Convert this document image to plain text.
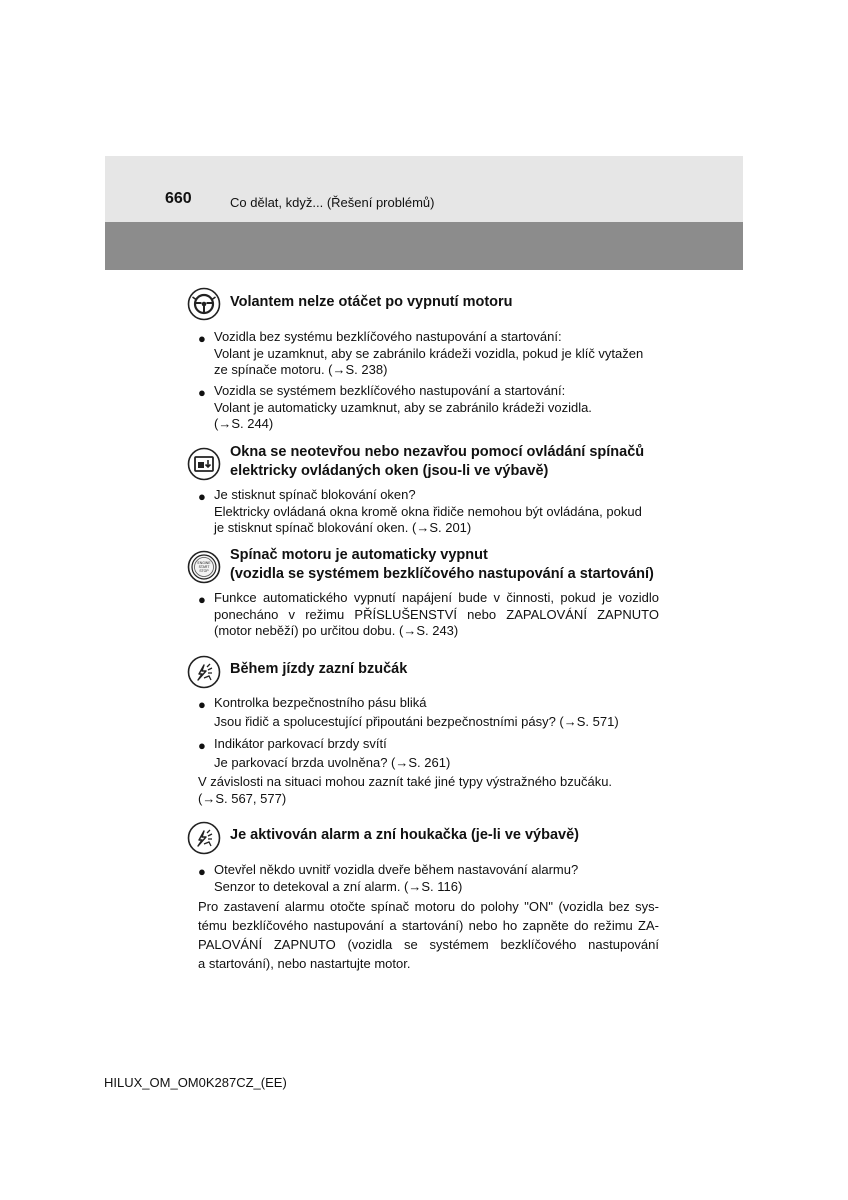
660	Co dělat, když... (Řešení problémů)
Volantem nelze otáčet po vypnutí motoru
● Vozidla bez systému bezklíčového nastupování a startování:
Volant je uzamknut, aby se zabránilo krádeži vozidla, pokud je klíč vytažen
ze spínače motoru. (→S. 238)
● Vozidla se systémem bezklíčového nastupování a startování:
Volant je automaticky uzamknut, aby se zabránilo krádeži vozidla.
(→S. 244)
Okna se neotevřou nebo nezavřou pomocí ovládání spínačů
elektricky ovládaných oken (jsou-li ve výbavě)
● Je stisknut spínač blokování oken?
Elektricky ovládaná okna kromě okna řidiče nemohou být ovládána, pokud
je stisknut spínač blokování oken. (→S. 201)
ENGINE
START
STOP
Spínač motoru je automaticky vypnut
(vozidla se systémem bezklíčového nastupování a startování)
● Funkce automatického vypnutí napájení bude v činnosti, pokud je vozidlo
ponecháno v režimu PŘÍSLUŠENSTVÍ nebo ZAPALOVÁNÍ ZAPNUTO
(motor neběží) po určitou dobu. (→S. 243)
Během jízdy zazní bzučák
● Kontrolka bezpečnostního pásu bliká
Jsou řidič a spolucestující připoutáni bezpečnostními pásy? (→S. 571)
● Indikátor parkovací brzdy svítí
Je parkovací brzda uvolněna? (→S. 261)
V závislosti na situaci mohou zaznít také jiné typy výstražného bzučáku.
(→S. 567, 577)
Je aktivován alarm a zní houkačka (je-li ve výbavě)
● Otevřel někdo uvnitř vozidla dveře během nastavování alarmu?
Senzor to detekoval a zní alarm. (→S. 116)
Pro zastavení alarmu otočte spínač motoru do polohy "ON" (vozidla bez sys-
tému bezklíčového nastupování a startování) nebo ho zapněte do režimu ZA-
PALOVÁNÍ ZAPNUTO (vozidla se systémem bezklíčového nastupování
a startování), nebo nastartujte motor.
HILUX_OM_OM0K287CZ_(EE)
